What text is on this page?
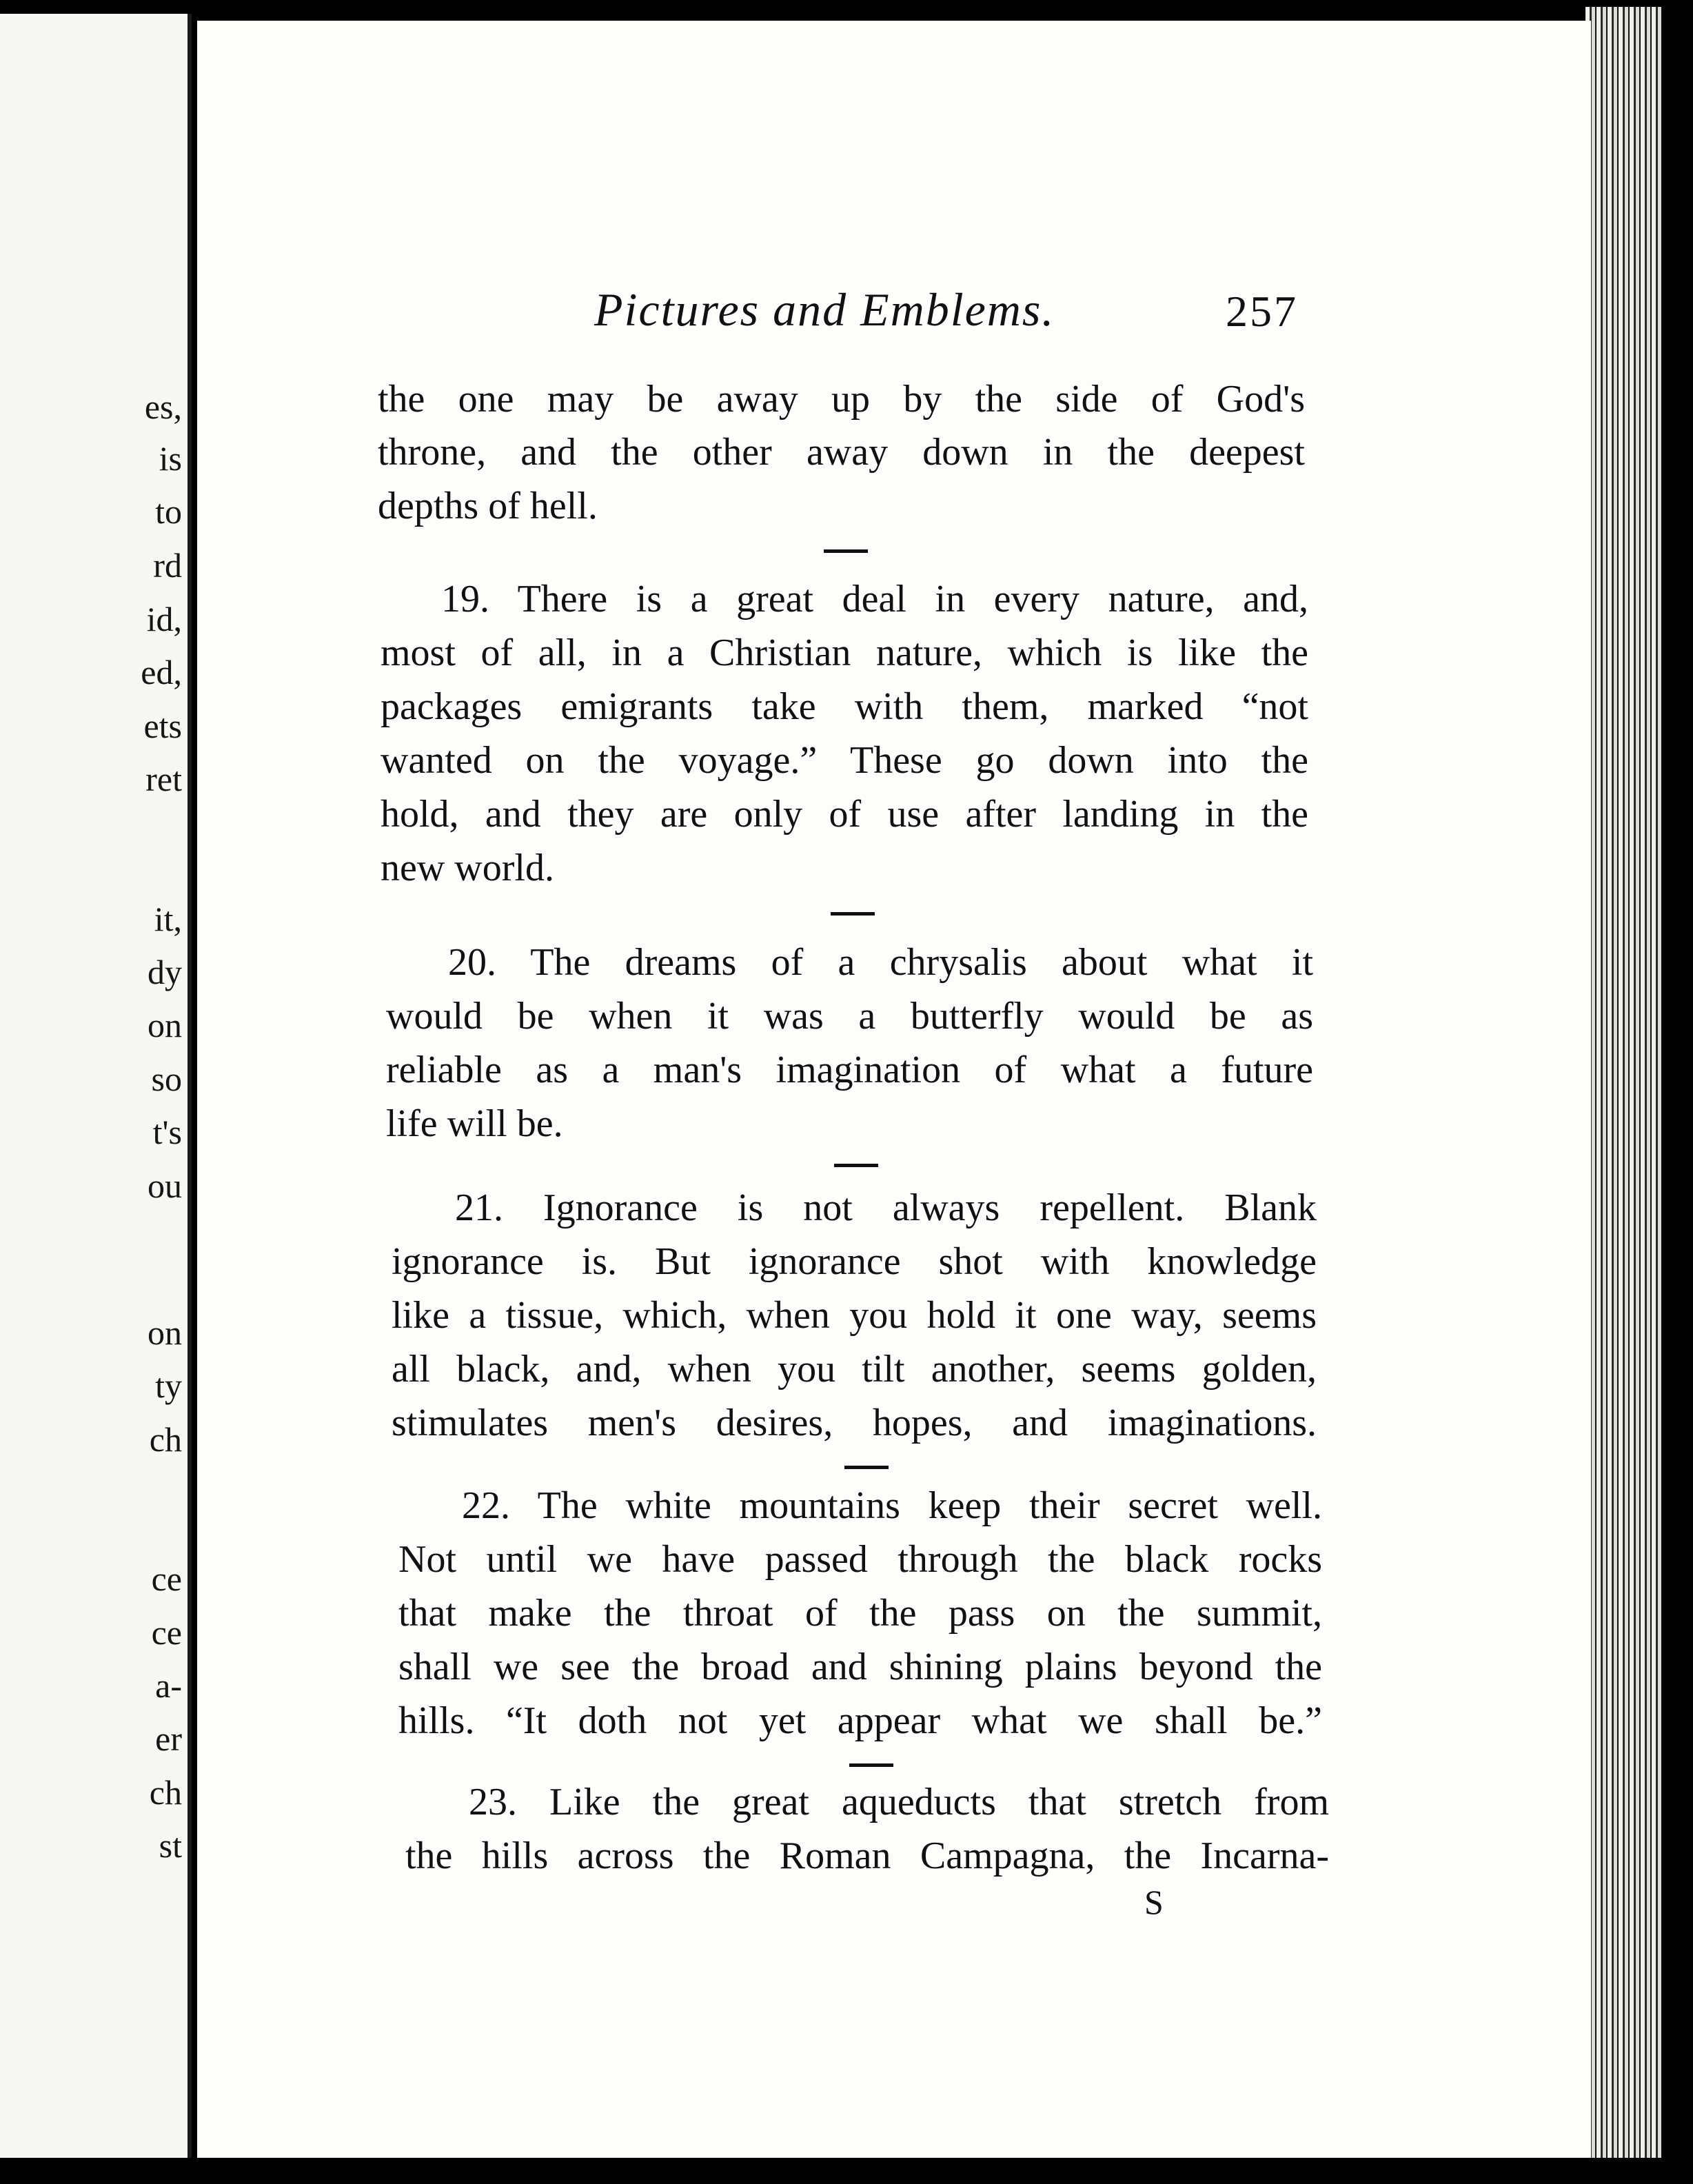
es,
is
to
rd
id,
ed,
ets
ret
it,
dy
on
so
t's
ou
on
ty
ch
ce
ce
a-
er
ch
st
Pictures and Emblems.	257
the one may be away up by the side of God's
throne, and the other away down in the deepest
depths of hell.
19. There is a great deal in every nature, and,
most of all, in a Christian nature, which is like the
packages emigrants take with them, marked “not
wanted on the voyage.” These go down into the
hold, and they are only of use after landing in the
new world.
20. The dreams of a chrysalis about what it
would be when it was a butterfly would be as
reliable as a man's imagination of what a future
life will be.
21. Ignorance is not always repellent. Blank
ignorance is. But ignorance shot with knowledge
like a tissue, which, when you hold it one way, seems
all black, and, when you tilt another, seems golden,
stimulates men's desires, hopes, and imaginations.
22. The white mountains keep their secret well.
Not until we have passed through the black rocks
that make the throat of the pass on the summit,
shall we see the broad and shining plains beyond the
hills. “It doth not yet appear what we shall be.”
23. Like the great aqueducts that stretch from
the hills across the Roman Campagna, the Incarna-
S
